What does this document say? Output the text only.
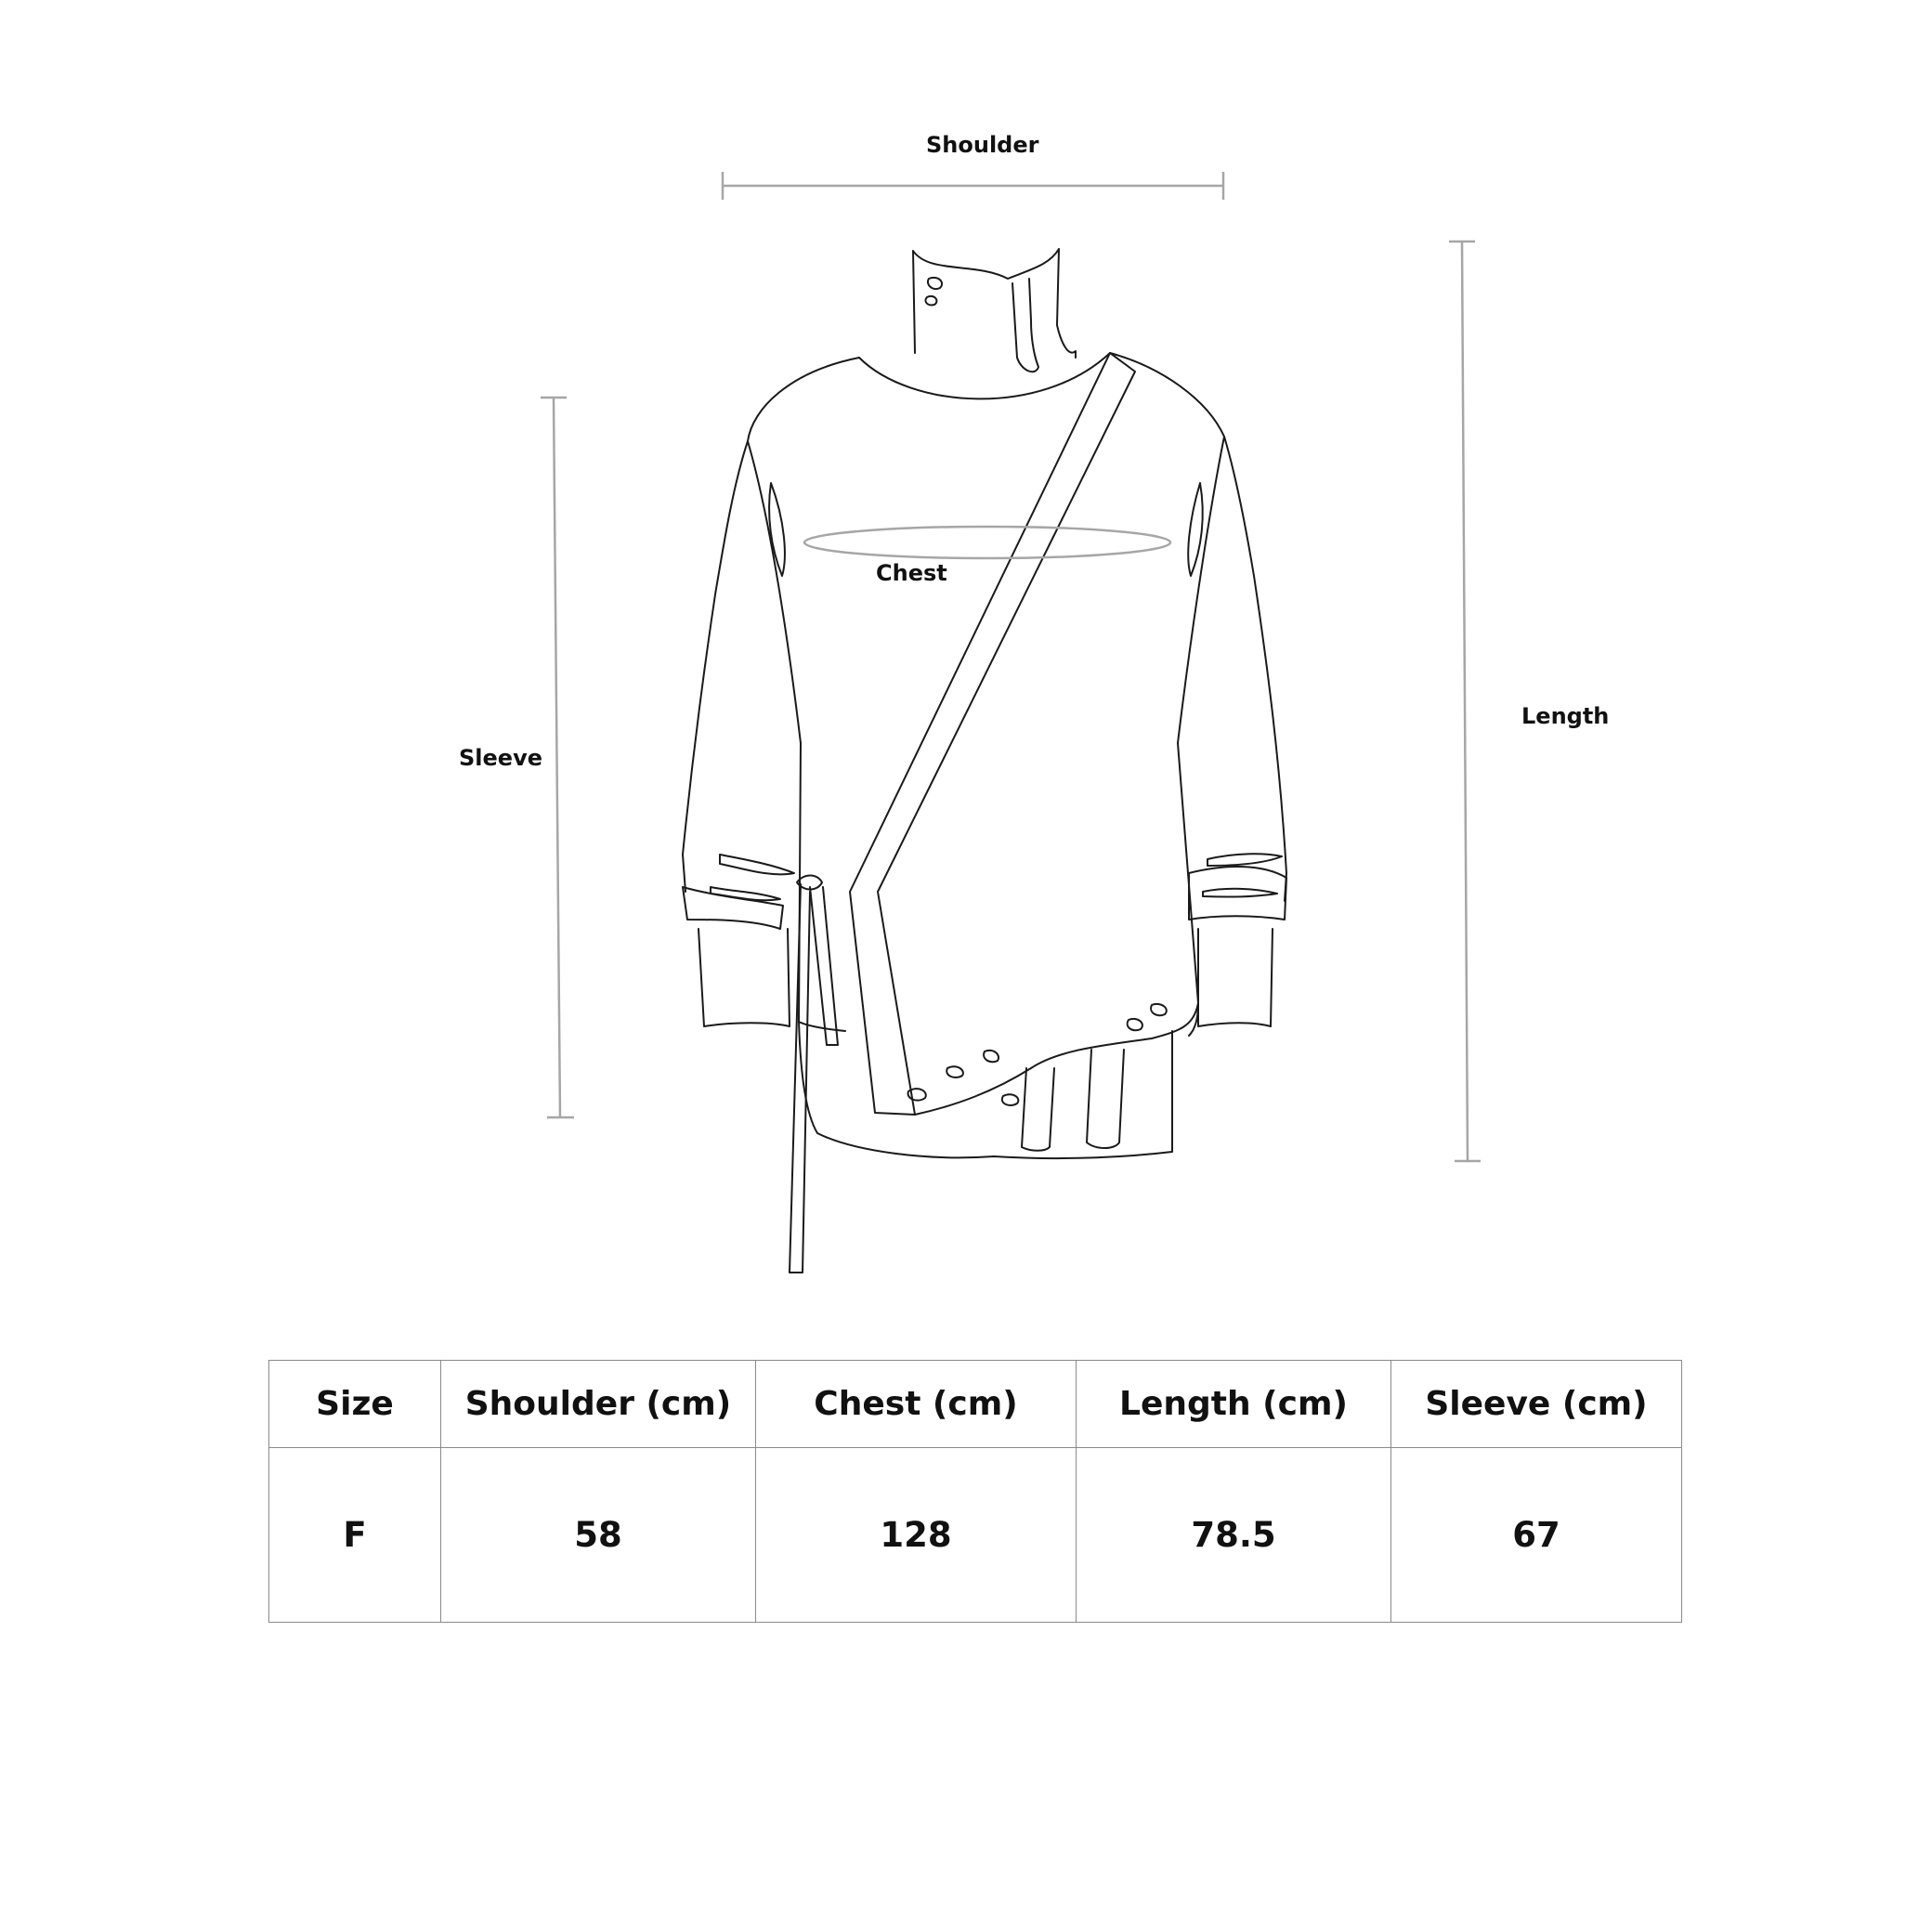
Shoulder
Chest
Sleeve
Length
Size	Shoulder (cm)	Chest (cm)	Length (cm)	Sleeve (cm)
F	58	128	78.5	67
